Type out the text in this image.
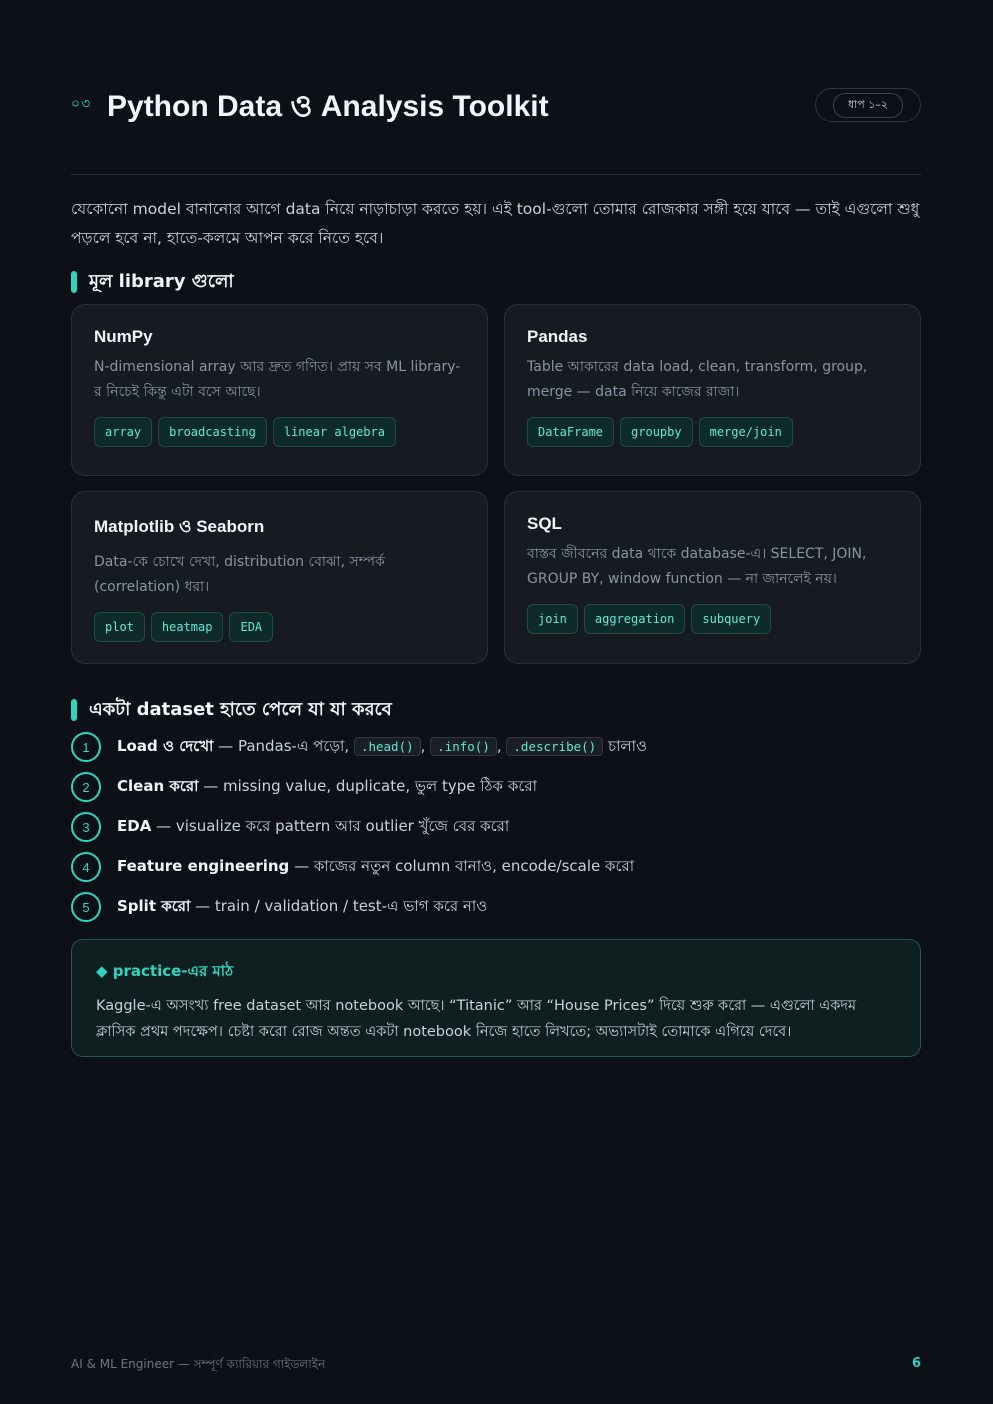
০৩ Python Data ও Analysis Toolkit	ধাপ ১–২

যেকোনো model বানানোর আগে data নিয়ে নাড়াচাড়া করতে হয়। এই tool-গুলো তোমার রোজকার সঙ্গী হয়ে যাবে — তাই এগুলো শুধু পড়লে হবে না, হাতে-কলমে আপন করে নিতে হবে।

মূল library গুলো
NumPy
N-dimensional array আর দ্রুত গণিত। প্রায় সব ML library-র নিচেই কিন্তু এটা বসে আছে।
array	broadcasting	linear algebra
Pandas
Table আকারের data load, clean, transform, group, merge — data নিয়ে কাজের রাজা।
DataFrame	groupby	merge/join
Matplotlib ও Seaborn
Data-কে চোখে দেখা, distribution বোঝা, সম্পর্ক (correlation) ধরা।
plot	heatmap	EDA
SQL
বাস্তব জীবনের data থাকে database-এ। SELECT, JOIN, GROUP BY, window function — না জানলেই নয়।
join	aggregation	subquery
একটা dataset হাতে পেলে যা যা করবে
1	Load ও দেখো — Pandas-এ পড়ো, .head() , .info() , .describe() চালাও
2	Clean করো — missing value, duplicate, ভুল type ঠিক করো
3	EDA — visualize করে pattern আর outlier খুঁজে বের করো
4	Feature engineering — কাজের নতুন column বানাও, encode/scale করো
5	Split করো — train / validation / test-এ ভাগ করে নাও
◆ practice-এর মাঠ

Kaggle-এ অসংখ্য free dataset আর notebook আছে। “Titanic” আর “House Prices” দিয়ে শুরু করো — এগুলো একদম ক্লাসিক প্রথম পদক্ষেপ। চেষ্টা করো রোজ অন্তত একটা notebook নিজে হাতে লিখতে; অভ্যাসটাই তোমাকে এগিয়ে দেবে।

AI & ML Engineer — সম্পূর্ণ ক্যারিয়ার গাইডলাইন	6
